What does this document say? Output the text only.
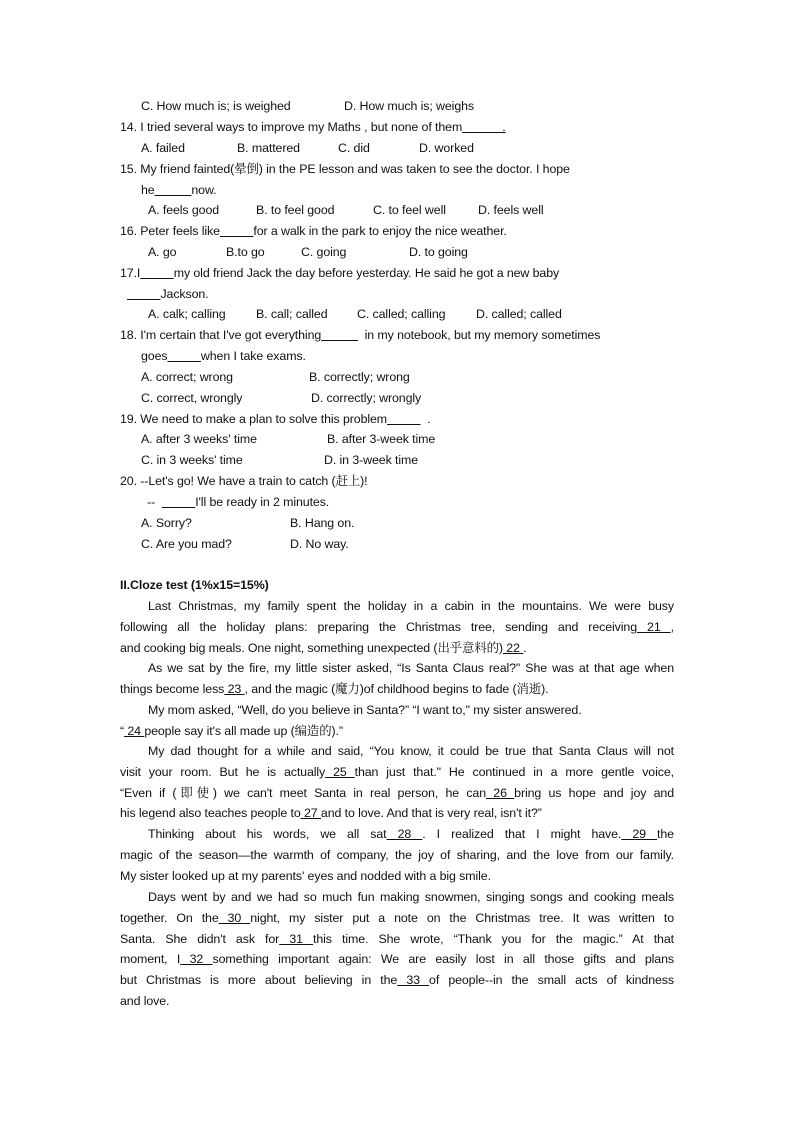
C. How much is; is weighed	D. How much is; weighs
14. I tried several ways to improve my Maths , but none of them            .
A. failed	B. mattered	C. did	D. worked
15. My friend fainted(晕倒) in the PE lesson and was taken to see the doctor. I hope
he	now.
A. feels good	B. to feel good	C. to feel well	D. feels well
16. Peter feels like	for a walk in the park to enjoy the nice weather.
A. go	B.to go	C. going	D. to going
17.I	my old friend Jack the day before yesterday. He said he got a new baby
Jackson.
A. calk; calling B. call; called C. called; calling D. called; called
18. I'm certain that I've got everything	in my notebook, but my memory sometimes
goes	when I take exams.
A. correct; wrong	B. correctly; wrong
C. correct, wrongly	D. correctly; wrongly
19. We need to make a plan to solve this problem	.
A. after 3 weeks' time	B. after 3-week time
C. in 3 weeks' time	D. in 3-week time
20. --Let's go! We have a train to catch (赶上)!
--	I'll be ready in 2 minutes.
A. Sorry?	B. Hang on.
C. Are you mad?	D. No way.
II.Cloze test (1%x15=15%)
Last Christmas, my family spent the holiday in a cabin in the mountains. We were busy
following all the holiday plans: preparing the Christmas tree, sending and receiving 21 ,
and cooking big meals. One night, something unexpected (出乎意料的) 22 .
As we sat by the fire, my little sister asked, “Is Santa Claus real?" She was at that age when
things become less 23 , and the magic (魔力)of childhood begins to fade (消逝).
My mom asked, “Well, do you believe in Santa?” “I want to," my sister answered.
“ 24 people say it's all made up (编造的).”
My dad thought for a while and said, “You know, it could be true that Santa Claus will not
visit your room. But he is actually 25 than just that." He continued in a more gentle voice,
“Even if (即使) we can't meet Santa in real person, he can 26 bring us hope and joy and
his legend also teaches people to 27 and to love. And that is very real, isn't it?”
Thinking about his words, we all sat 28 . I realized that I might have. 29 the
magic of the season—the warmth of company, the joy of sharing, and the love from our family.
My sister looked up at my parents' eyes and nodded with a big smile.
Days went by and we had so much fun making snowmen, singing songs and cooking meals
together. On the 30 night, my sister put a note on the Christmas tree. It was written to
Santa. She didn't ask for 31 this time. She wrote, “Thank you for the magic.” At that
moment, I 32 something important again: We are easily lost in all those gifts and plans
but Christmas is more about believing in the 33 of people--in the small acts of kindness
and love.
